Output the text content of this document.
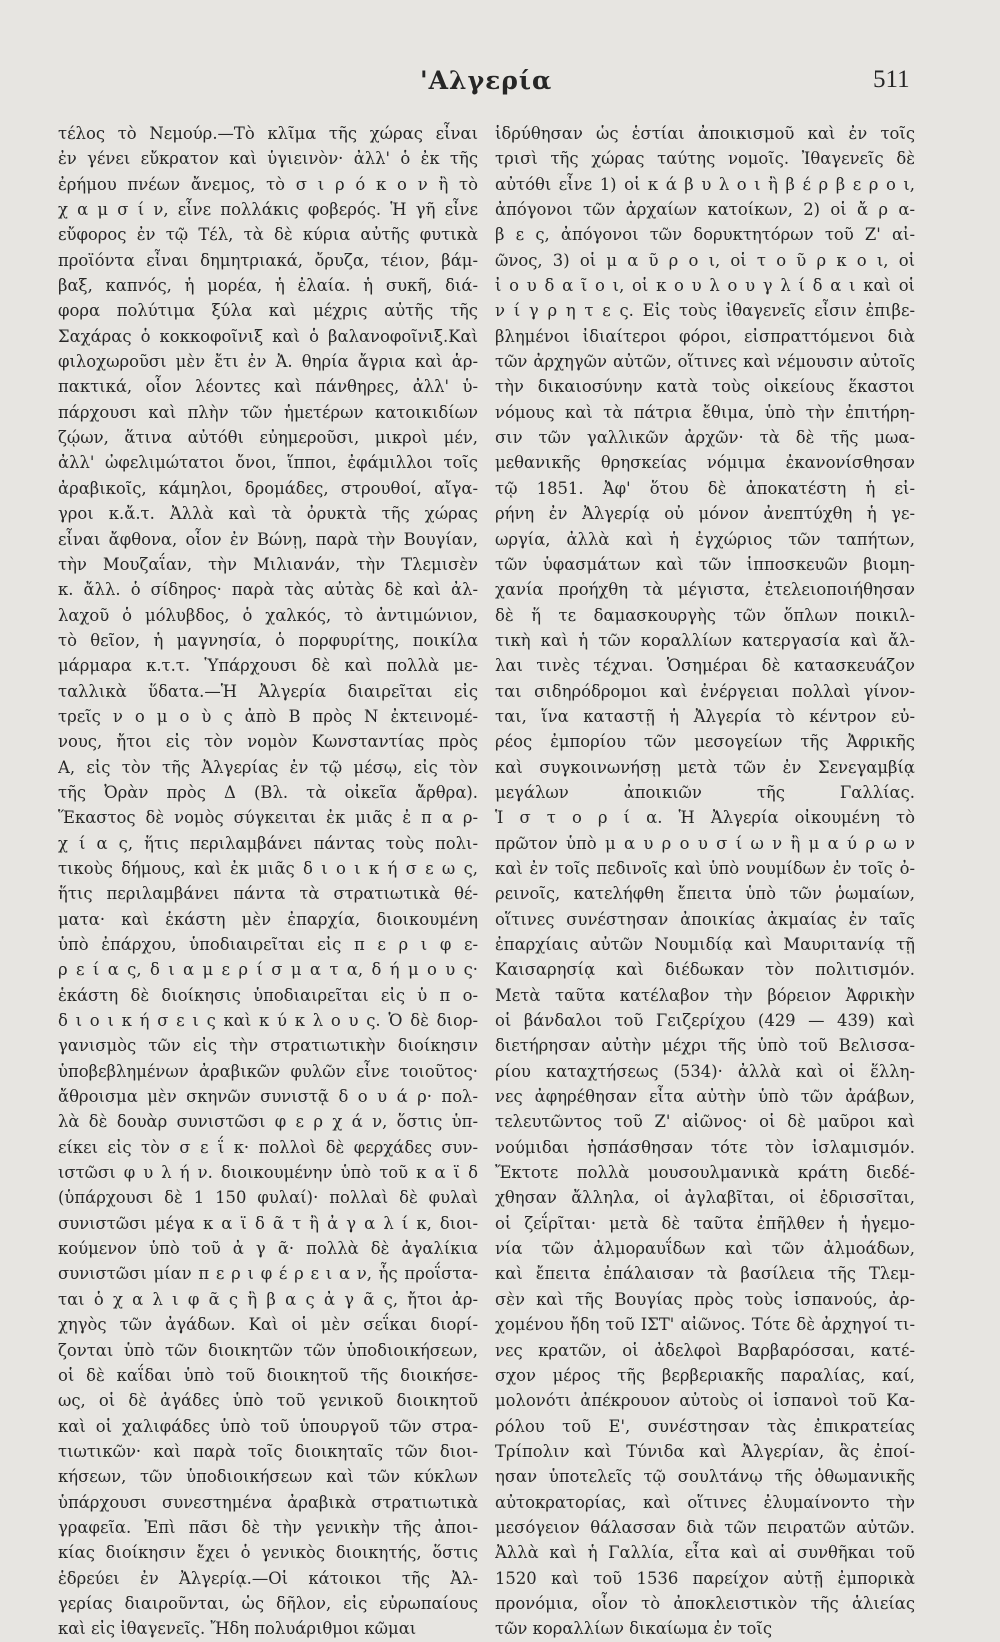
'Αλγερία	511
τέλος τὸ Νεμούρ.—Τὸ κλῖμα τῆς χώρας εἶναι
ἐν γένει εὔκρατον καὶ ὑγιεινὸν· ἀλλ' ὁ ἐκ τῆς
ἐρήμου πνέων ἄνεμος, τὸ σ ι ρ ό κ ο ν ἢ τὸ
χ α μ σ ί ν, εἶνε πολλάκις φοβερός. Ἡ γῆ εἶνε
εὔφορος ἐν τῷ Τέλ, τὰ δὲ κύρια αὐτῆς φυτικὰ
προϊόντα εἶναι δημητριακά, ὄρυζα, τέιον, βάμ-
βαξ, καπνός, ἡ μορέα, ἡ ἐλαία. ἡ συκῆ, διά-
φορα πολύτιμα ξύλα καὶ μέχρις αὐτῆς τῆς
Σαχάρας ὁ κοκκοφοῖνιξ καὶ ὁ βαλανοφοῖνιξ.Καὶ
φιλοχωροῦσι μὲν ἔτι ἐν Ἀ. θηρία ἄγρια καὶ ἁρ-
πακτικά, οἷον λέοντες καὶ πάνθηρες, ἀλλ' ὑ-
πάρχουσι καὶ πλὴν τῶν ἡμετέρων κατοικιδίων
ζῴων, ἅτινα αὐτόθι εὐημεροῦσι, μικροὶ μέν,
ἀλλ' ὠφελιμώτατοι ὄνοι, ἵπποι, ἐφάμιλλοι τοῖς
ἀραβικοῖς, κάμηλοι, δρομάδες, στρουθοί, αἴγα-
γροι κ.ἄ.τ. Ἀλλὰ καὶ τὰ ὀρυκτὰ τῆς χώρας
εἶναι ἄφθονα, οἷον ἐν Βώνῃ, παρὰ τὴν Βουγίαν,
τὴν Μουζαΐαν, τὴν Μιλιανάν, τὴν Τλεμισὲν
κ. ἄλλ. ὁ σίδηρος· παρὰ τὰς αὐτὰς δὲ καὶ ἀλ-
λαχοῦ ὁ μόλυβδος, ὁ χαλκός, τὸ ἀντιμώνιον,
τὸ θεῖον, ἡ μαγνησία, ὁ πορφυρίτης, ποικίλα
μάρμαρα κ.τ.τ. Ὑπάρχουσι δὲ καὶ πολλὰ με-
ταλλικὰ ὕδατα.—Ἡ Ἀλγερία διαιρεῖται εἰς
τρεῖς ν ο μ ο ὺ ς ἀπὸ Β πρὸς Ν ἐκτεινομέ-
νους, ἤτοι εἰς τὸν νομὸν Κωνσταντίας πρὸς
Α, εἰς τὸν τῆς Ἀλγερίας ἐν τῷ μέσῳ, εἰς τὸν
τῆς Ὀρὰν πρὸς Δ (Βλ. τὰ οἰκεῖα ἄρθρα).
Ἕκαστος δὲ νομὸς σύγκειται ἐκ μιᾶς ἐ π α ρ-
χ ί α ς, ἥτις περιλαμβάνει πάντας τοὺς πολι-
τικοὺς δήμους, καὶ ἐκ μιᾶς δ ι ο ι κ ή σ ε ω ς,
ἥτις περιλαμβάνει πάντα τὰ στρατιωτικὰ θέ-
ματα· καὶ ἑκάστη μὲν ἐπαρχία, διοικουμένη
ὑπὸ ἐπάρχου, ὑποδιαιρεῖται εἰς π ε ρ ι φ ε-
ρ ε ί α ς, δ ι α μ ε ρ ί σ μ α τ α, δ ή μ ο υ ς·
ἑκάστη δὲ διοίκησις ὑποδιαιρεῖται εἰς ὑ π ο-
δ ι ο ι κ ή σ ε ι ς καὶ κ ύ κ λ ο υ ς. Ὁ δὲ διορ-
γανισμὸς τῶν εἰς τὴν στρατιωτικὴν διοίκησιν
ὑποβεβλημένων ἀραβικῶν φυλῶν εἶνε τοιοῦτος·
ἄθροισμα μὲν σκηνῶν συνιστᾷ δ ο υ ά ρ· πολ-
λὰ δὲ δουὰρ συνιστῶσι φ ε ρ χ ά ν, ὅστις ὑπ-
είκει εἰς τὸν σ ε ΐ κ· πολλοὶ δὲ φερχάδες συν-
ιστῶσι φ υ λ ή ν. διοικουμένην ὑπὸ τοῦ κ α ϊ δ
(ὑπάρχουσι δὲ 1 150 φυλαί)· πολλαὶ δὲ φυλαὶ
συνιστῶσι μέγα κ α ϊ δ ᾶ τ ἢ ἀ γ α λ ί κ, διοι-
κούμενον ὑπὸ τοῦ ἀ γ ᾶ· πολλὰ δὲ ἀγαλίκια
συνιστῶσι μίαν π ε ρ ι φ έ ρ ε ι α ν, ἧς προΐστα-
ται ὁ χ α λ ι φ ᾶ ς ἢ β α ς ἀ γ ᾶ ς, ἤτοι ἀρ-
χηγὸς τῶν ἀγάδων. Καὶ οἱ μὲν σεΐκαι διορί-
ζονται ὑπὸ τῶν διοικητῶν τῶν ὑποδιοικήσεων,
οἱ δὲ καΐδαι ὑπὸ τοῦ διοικητοῦ τῆς διοικήσε-
ως, οἱ δὲ ἀγάδες ὑπὸ τοῦ γενικοῦ διοικητοῦ
καὶ οἱ χαλιφάδες ὑπὸ τοῦ ὑπουργοῦ τῶν στρα-
τιωτικῶν· καὶ παρὰ τοῖς διοικηταῖς τῶν διοι-
κήσεων, τῶν ὑποδιοικήσεων καὶ τῶν κύκλων
ὑπάρχουσι συνεστημένα ἀραβικὰ στρατιωτικὰ
γραφεῖα. Ἐπὶ πᾶσι δὲ τὴν γενικὴν τῆς ἀποι-
κίας διοίκησιν ἔχει ὁ γενικὸς διοικητής, ὅστις
ἑδρεύει ἐν Ἀλγερίᾳ.—Οἱ κάτοικοι τῆς Ἀλ-
γερίας διαιροῦνται, ὡς δῆλον, εἰς εὐρωπαίους
καὶ εἰς ἰθαγενεῖς. Ἤδη πολυάριθμοι κῶμαι
ἱδρύθησαν ὡς ἑστίαι ἀποικισμοῦ καὶ ἐν τοῖς
τρισὶ τῆς χώρας ταύτης νομοῖς. Ἰθαγενεῖς δὲ
αὐτόθι εἶνε 1) οἱ κ ά β υ λ ο ι ἢ β έ ρ β ε ρ ο ι,
ἀπόγονοι τῶν ἀρχαίων κατοίκων, 2) οἱ ἄ ρ α-
β ε ς, ἀπόγονοι τῶν δορυκτητόρων τοῦ Ζ' αἰ-
ῶνος, 3) οἱ μ α ῦ ρ ο ι, οἱ τ ο ῦ ρ κ ο ι, οἱ
ἰ ο υ δ α ῖ ο ι, οἱ κ ο υ λ ο υ γ λ ί δ α ι καὶ οἱ
ν ί γ ρ η τ ε ς. Εἰς τοὺς ἰθαγενεῖς εἶσιν ἐπιβε-
βλημένοι ἰδιαίτεροι φόροι, εἰσπραττόμενοι διὰ
τῶν ἀρχηγῶν αὐτῶν, οἵτινες καὶ νέμουσιν αὐτοῖς
τὴν δικαιοσύνην κατὰ τοὺς οἰκείους ἕκαστοι
νόμους καὶ τὰ πάτρια ἔθιμα, ὑπὸ τὴν ἐπιτήρη-
σιν τῶν γαλλικῶν ἀρχῶν· τὰ δὲ τῆς μωα-
μεθανικῆς θρησκείας νόμιμα ἐκανονίσθησαν
τῷ 1851. Ἀφ' ὅτου δὲ ἀποκατέστη ἡ εἰ-
ρήνη ἐν Ἀλγερίᾳ οὐ μόνον ἀνεπτύχθη ἡ γε-
ωργία, ἀλλὰ καὶ ἡ ἐγχώριος τῶν ταπήτων,
τῶν ὑφασμάτων καὶ τῶν ἱπποσκευῶν βιομη-
χανία προήχθη τὰ μέγιστα, ἐτελειοποιήθησαν
δὲ ἥ τε δαμασκουργὴς τῶν ὅπλων ποικιλ-
τικὴ καὶ ἡ τῶν κοραλλίων κατεργασία καὶ ἄλ-
λαι τινὲς τέχναι. Ὁσημέραι δὲ κατασκευάζον
ται σιδηρόδρομοι καὶ ἐνέργειαι πολλαὶ γίνον-
ται, ἵνα καταστῇ ἡ Ἀλγερία τὸ κέντρον εὐ-
ρέος ἐμπορίου τῶν μεσογείων τῆς Ἀφρικῆς
καὶ συγκοινωνήσῃ μετὰ τῶν ἐν Σενεγαμβίᾳ
μεγάλων ἀποικιῶν τῆς Γαλλίας.
Ἱ σ τ ο ρ ί α. Ἡ Ἀλγερία οἰκουμένη τὸ
πρῶτον ὑπὸ μ α υ ρ ο υ σ ί ω ν ἢ μ α ύ ρ ω ν
καὶ ἐν τοῖς πεδινοῖς καὶ ὑπὸ νουμίδων ἐν τοῖς ὀ-
ρεινοῖς, κατελήφθη ἔπειτα ὑπὸ τῶν ῥωμαίων,
οἵτινες συνέστησαν ἀποικίας ἀκμαίας ἐν ταῖς
ἐπαρχίαις αὐτῶν Νουμιδίᾳ καὶ Μαυριτανίᾳ τῇ
Καισαρησίᾳ καὶ διέδωκαν τὸν πολιτισμόν.
Μετὰ ταῦτα κατέλαβον τὴν βόρειον Ἀφρικὴν
οἱ βάνδαλοι τοῦ Γειζερίχου (429 — 439) καὶ
διετήρησαν αὐτὴν μέχρι τῆς ὑπὸ τοῦ Βελισσα-
ρίου καταχτήσεως (534)· ἀλλὰ καὶ οἱ ἕλλη-
νες ἀφηρέθησαν εἶτα αὐτὴν ὑπὸ τῶν ἀράβων,
τελευτῶντος τοῦ Ζ' αἰῶνος· οἱ δὲ μαῦροι καὶ
νούμιδαι ἠσπάσθησαν τότε τὸν ἰσλαμισμόν.
Ἔκτοτε πολλὰ μουσουλμανικὰ κράτη διεδέ-
χθησαν ἄλληλα, οἱ ἀγλαβῖται, οἱ ἐδρισσῖται,
οἱ ζεΐρῖται· μετὰ δὲ ταῦτα ἐπῆλθεν ἡ ἡγεμο-
νία τῶν ἀλμοραυΐδων καὶ τῶν ἀλμοάδων,
καὶ ἔπειτα ἐπάλαισαν τὰ βασίλεια τῆς Τλεμ-
σὲν καὶ τῆς Βουγίας πρὸς τοὺς ἱσπανούς, ἀρ-
χομένου ἤδη τοῦ ΙΣΤ' αἰῶνος. Τότε δὲ ἀρχηγοί τι-
νες κρατῶν, οἱ ἀδελφοὶ Βαρβαρόσσαι, κατέ-
σχον μέρος τῆς βερβεριακῆς παραλίας, καί,
μολονότι ἀπέκρουον αὐτοὺς οἱ ἱσπανοὶ τοῦ Κα-
ρόλου τοῦ Ε', συνέστησαν τὰς ἐπικρατείας
Τρίπολιν καὶ Τύνιδα καὶ Ἀλγερίαν, ἃς ἐποί-
ησαν ὑποτελεῖς τῷ σουλτάνῳ τῆς ὀθωμανικῆς
αὐτοκρατορίας, καὶ οἵτινες ἐλυμαίνοντο τὴν
μεσόγειον θάλασσαν διὰ τῶν πειρατῶν αὐτῶν.
Ἀλλὰ καὶ ἡ Γαλλία, εἶτα καὶ αἱ συνθῆκαι τοῦ
1520 καὶ τοῦ 1536 παρείχον αὐτῇ ἐμπορικὰ
προνόμια, οἷον τὸ ἀποκλειστικὸν τῆς ἁλιείας
τῶν κοραλλίων δικαίωμα ἐν τοῖς
